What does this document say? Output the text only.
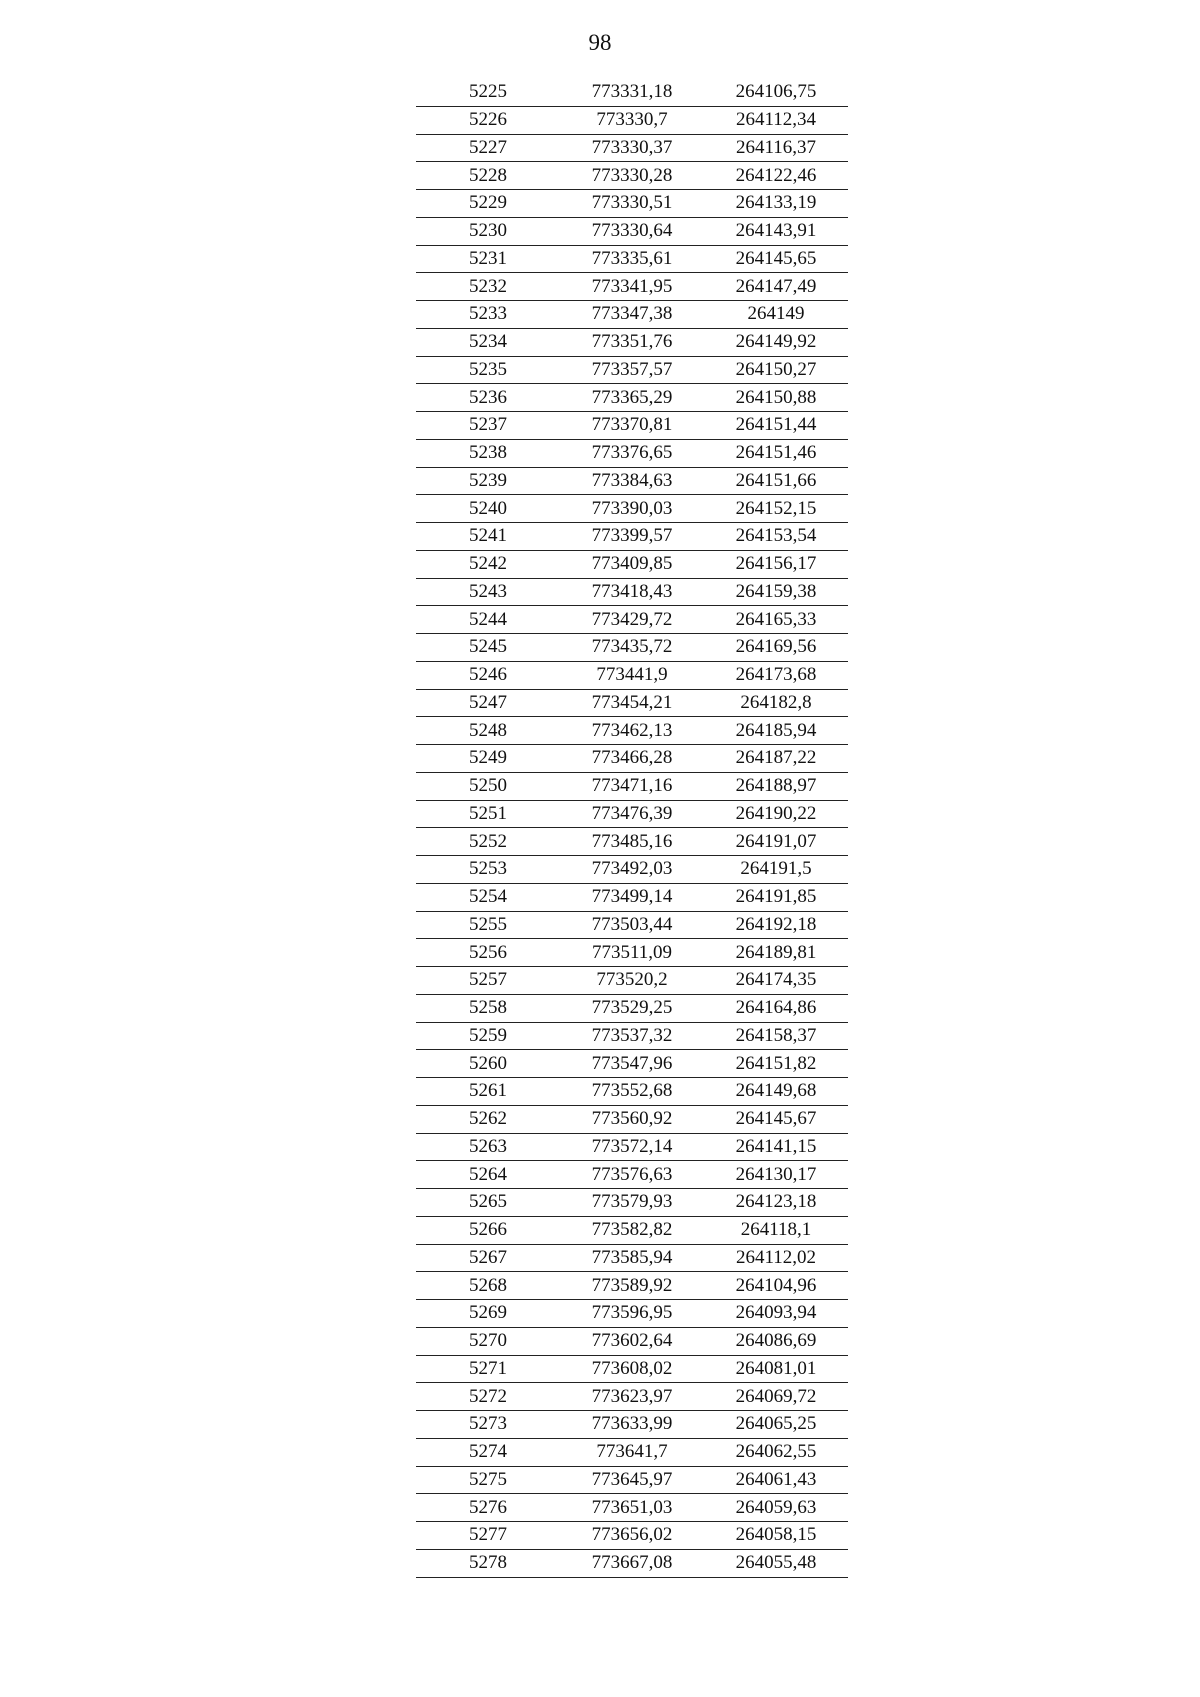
98
5225	773331,18	264106,75
5226	773330,7	264112,34
5227	773330,37	264116,37
5228	773330,28	264122,46
5229	773330,51	264133,19
5230	773330,64	264143,91
5231	773335,61	264145,65
5232	773341,95	264147,49
5233	773347,38	264149
5234	773351,76	264149,92
5235	773357,57	264150,27
5236	773365,29	264150,88
5237	773370,81	264151,44
5238	773376,65	264151,46
5239	773384,63	264151,66
5240	773390,03	264152,15
5241	773399,57	264153,54
5242	773409,85	264156,17
5243	773418,43	264159,38
5244	773429,72	264165,33
5245	773435,72	264169,56
5246	773441,9	264173,68
5247	773454,21	264182,8
5248	773462,13	264185,94
5249	773466,28	264187,22
5250	773471,16	264188,97
5251	773476,39	264190,22
5252	773485,16	264191,07
5253	773492,03	264191,5
5254	773499,14	264191,85
5255	773503,44	264192,18
5256	773511,09	264189,81
5257	773520,2	264174,35
5258	773529,25	264164,86
5259	773537,32	264158,37
5260	773547,96	264151,82
5261	773552,68	264149,68
5262	773560,92	264145,67
5263	773572,14	264141,15
5264	773576,63	264130,17
5265	773579,93	264123,18
5266	773582,82	264118,1
5267	773585,94	264112,02
5268	773589,92	264104,96
5269	773596,95	264093,94
5270	773602,64	264086,69
5271	773608,02	264081,01
5272	773623,97	264069,72
5273	773633,99	264065,25
5274	773641,7	264062,55
5275	773645,97	264061,43
5276	773651,03	264059,63
5277	773656,02	264058,15
5278	773667,08	264055,48
